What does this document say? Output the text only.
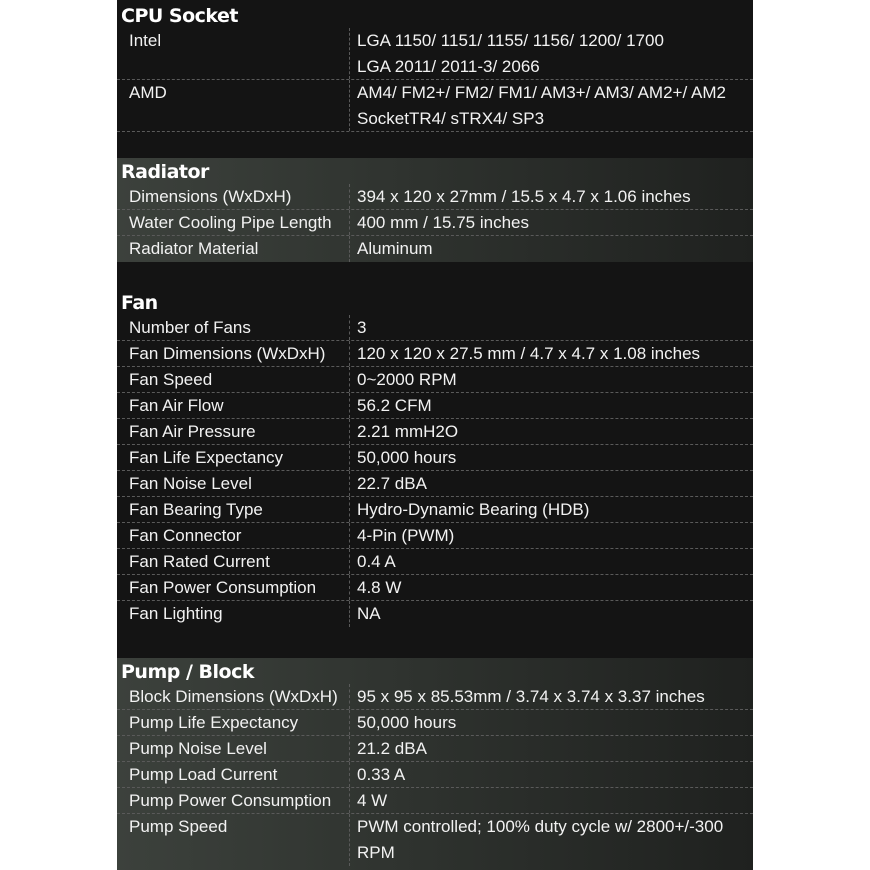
CPU Socket
Intel	LGA 1150/ 1151/ 1155/ 1156/ 1200/ 1700
LGA 2011/ 2011-3/ 2066
AMD	AM4/ FM2+/ FM2/ FM1/ AM3+/ AM3/ AM2+/ AM2
SocketTR4/ sTRX4/ SP3
Radiator
Dimensions (WxDxH)	394 x 120 x 27mm / 15.5 x 4.7 x 1.06 inches
Water Cooling Pipe Length 400 mm / 15.75 inches
Radiator Material	Aluminum
Fan
Number of Fans	3
Fan Dimensions (WxDxH) 120 x 120 x 27.5 mm / 4.7 x 4.7 x 1.08 inches
Fan Speed	0~2000 RPM
Fan Air Flow	56.2 CFM
Fan Air Pressure	2.21 mmH2O
Fan Life Expectancy	50,000 hours
Fan Noise Level	22.7 dBA
Fan Bearing Type	Hydro-Dynamic Bearing (HDB)
Fan Connector	4-Pin (PWM)
Fan Rated Current	0.4 A
Fan Power Consumption 4.8 W
Fan Lighting	NA
Pump / Block
Block Dimensions (WxDxH) 95 x 95 x 85.53mm / 3.74 x 3.74 x 3.37 inches
Pump Life Expectancy	50,000 hours
Pump Noise Level	21.2 dBA
Pump Load Current	0.33 A
Pump Power Consumption 4 W
Pump Speed	PWM controlled; 100% duty cycle w/ 2800+/-300
RPM
